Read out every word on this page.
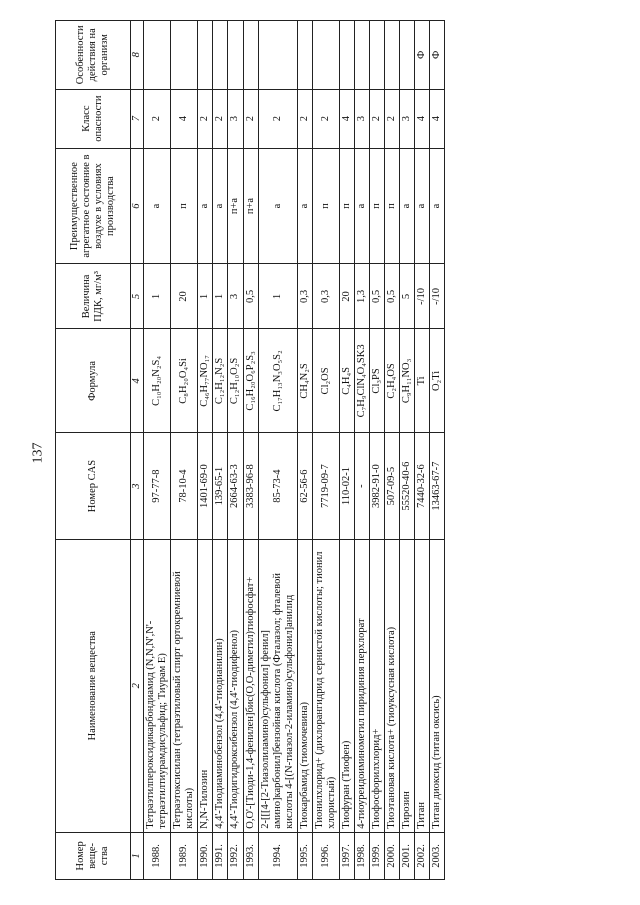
137
Номер веще-ства	Наименование вещества	Номер CAS	Формула	Величина ПДК, мг/м³	Преимущественное агрегатное состояние в воздухе в условиях производства	Класс опасности	Особенности действия на организм
1	2	3	4	5	6	7	8
1988.	Тетраэтилпероксидикарбондиамид (N,N,N',N'-тетраэтилтиурамдисульфид; Тиурам Е)	97-77-8	C₁₀H₂₀N₂S₄	1	а	2	
1989.	Тетраэтоксисилан (тетраэтиловый спирт ортокремниевой кислоты)	78-10-4	C₈H₂₀O₄Si	20	п	4	
1990.	N,N-Тилозин	1401-69-0	C₄₆H₇₇NO₁₇	1	а	2	
1991.	4,4'-Тиодиаминобензол (4,4'-тиодианилин)	139-65-1	C₁₂H₁₂N₂S	1	а	2	
1992.	4,4'-Тиодигидроксибензол (4,4'-тиодифенол)	2664-63-3	C₁₂H₁₀O₂S	3	п+а	3	
1993.	O,O'-[Тиоди-1,4-фенилен]бис(O,O-диметил)тиофосфат+	3383-96-8	C₁₆H₂₀O₆P₂S₃	0,5	п+а	2	
1994.	2-[[[4-[2-Тиазолиламино)сульфонил] фенил] амино]карбонил]бензойная кислота (Фталазол; фталевой кислоты 4-[(N-тиазол-2-иламино)сульфонил]анилид	85-73-4	C₁₇H₁₃N₃O₅S₂	1	а	2	
1995.	Тиокарбамид (тиомочевина)	62-56-6	CH₄N₂S	0,3	а	2	
1996.	Тионилхлорид+ (дихлорангидрид сернистой кислоты; тионил хлористый)	7719-09-7	Cl₂OS	0,3	п	2	
1997.	Тиофуран (Тиофен)	110-02-1	C₄H₄S	20	п	4	
1998.	4-тиоуреидоиминометил пиридиния перхлорат	-	C₇H₉ClN₄O₄SK3	1,3	а	3	
1999.	Тиофосфорилхлорид+	3982-91-0	Cl₃PS	0,5	п	2	
2000.	Тиоэтановая кислота+ (тиоуксусная кислота)	507-09-5	C₂H₄OS	0,5	п	2	
2001.	Тирозин	55520-40-6	C₉H₁₁NO₃	5	а	3	
2002.	Титан	7440-32-6	Ti	-/10	а	4	Ф
2003.	Титан диоксид (титан оксись)	13463-67-7	O₂Ti	-/10	а	4	Ф
